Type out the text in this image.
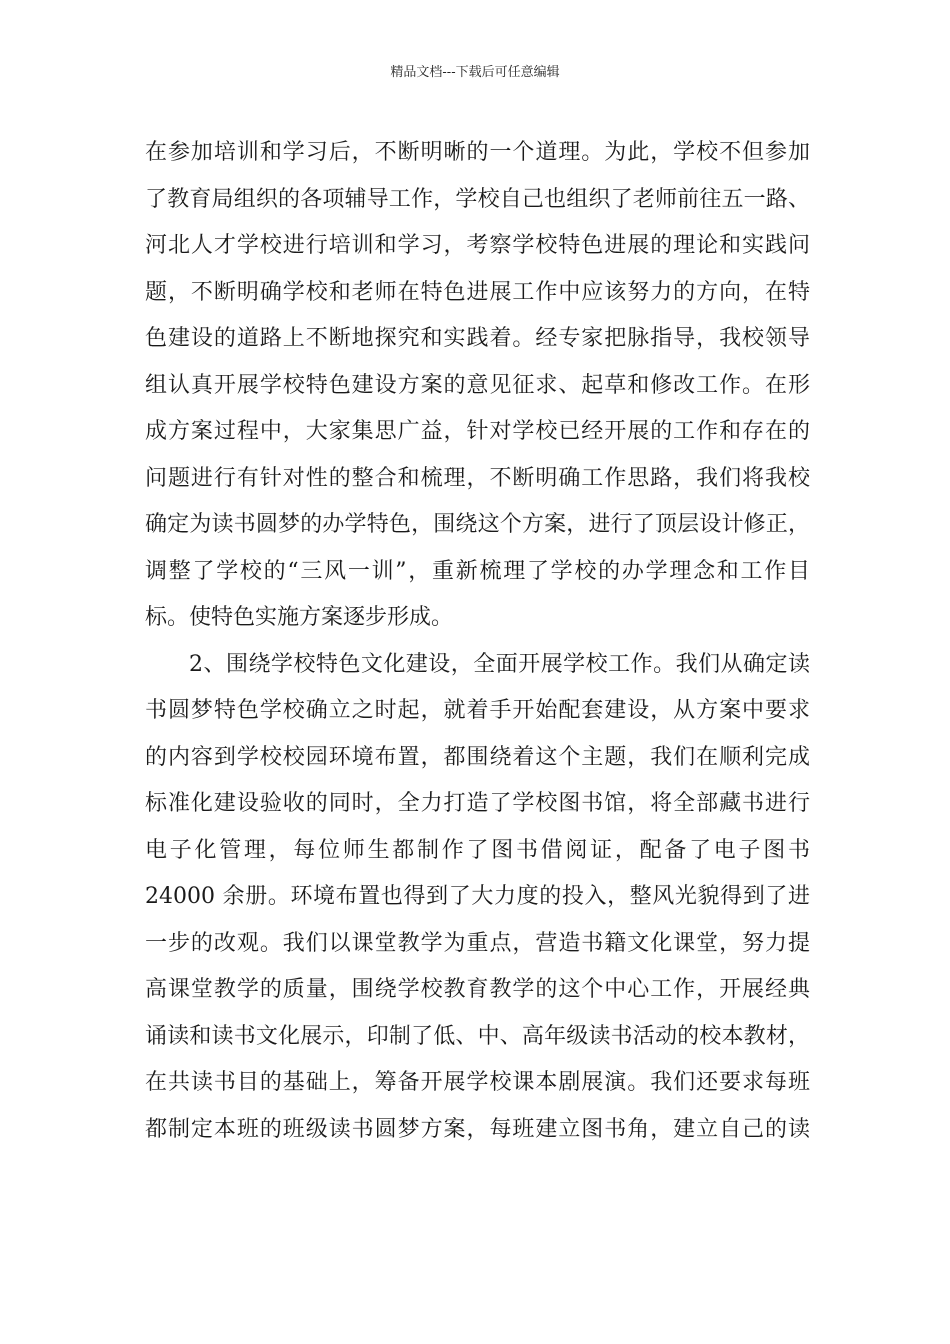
精品文档---下载后可任意编辑
在参加培训和学习后，不断明晰的一个道理。为此，学校不但参加
了教育局组织的各项辅导工作，学校自己也组织了老师前往五一路、
河北人才学校进行培训和学习，考察学校特色进展的理论和实践问
题，不断明确学校和老师在特色进展工作中应该努力的方向，在特
色建设的道路上不断地探究和实践着。经专家把脉指导，我校领导
组认真开展学校特色建设方案的意见征求、起草和修改工作。在形
成方案过程中，大家集思广益，针对学校已经开展的工作和存在的
问题进行有针对性的整合和梳理，不断明确工作思路，我们将我校
确定为读书圆梦的办学特色，围绕这个方案，进行了顶层设计修正，
调整了学校的“三风一训”，重新梳理了学校的办学理念和工作目
标。使特色实施方案逐步形成。
2、围绕学校特色文化建设，全面开展学校工作。我们从确定读
书圆梦特色学校确立之时起，就着手开始配套建设，从方案中要求
的内容到学校校园环境布置，都围绕着这个主题，我们在顺利完成
标准化建设验收的同时，全力打造了学校图书馆，将全部藏书进行
电子化管理，每位师生都制作了图书借阅证，配备了电子图书
24000 余册。环境布置也得到了大力度的投入，整风光貌得到了进
一步的改观。我们以课堂教学为重点，营造书籍文化课堂，努力提
高课堂教学的质量，围绕学校教育教学的这个中心工作，开展经典
诵读和读书文化展示，印制了低、中、高年级读书活动的校本教材，
在共读书目的基础上，筹备开展学校课本剧展演。我们还要求每班
都制定本班的班级读书圆梦方案，每班建立图书角，建立自己的读
